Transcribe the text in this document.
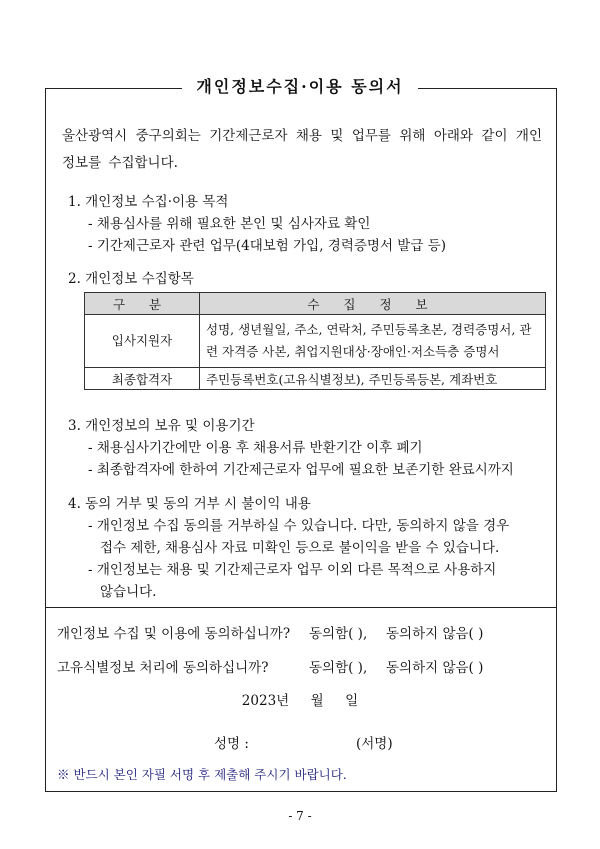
개인정보수집·이용 동의서
울산광역시 중구의회는 기간제근로자 채용 및 업무를 위해 아래와 같이 개인정보를 수집합니다.
1. 개인정보 수집·이용 목적
- 채용심사를 위해 필요한 본인 및 심사자료 확인
- 기간제근로자 관련 업무(4대보험 가입, 경력증명서 발급 등)
2. 개인정보 수집항목
구 분	수 집 정 보
입사지원자	성명, 생년월일, 주소, 연락처, 주민등록초본, 경력증명서, 관련 자격증 사본, 취업지원대상·장애인·저소득층 증명서
최종합격자	주민등록번호(고유식별정보), 주민등록등본, 계좌번호
3. 개인정보의 보유 및 이용기간
- 채용심사기간에만 이용 후 채용서류 반환기간 이후 폐기
- 최종합격자에 한하여 기간제근로자 업무에 필요한 보존기한 완료시까지
4. 동의 거부 및 동의 거부 시 불이익 내용
- 개인정보 수집 동의를 거부하실 수 있습니다. 다만, 동의하지 않을 경우
접수 제한, 채용심사 자료 미확인 등으로 불이익을 받을 수 있습니다.
- 개인정보는 채용 및 기간제근로자 업무 이외 다른 목적으로 사용하지
않습니다.
개인정보 수집 및 이용에 동의하십니까? 동의함( ), 동의하지 않음( )
고유식별정보 처리에 동의하십니까?	동의함( ), 동의하지 않음( )
2023년     월     일
성명 :	(서명)
※ 반드시 본인 자필 서명 후 제출해 주시기 바랍니다.
- 7 -
